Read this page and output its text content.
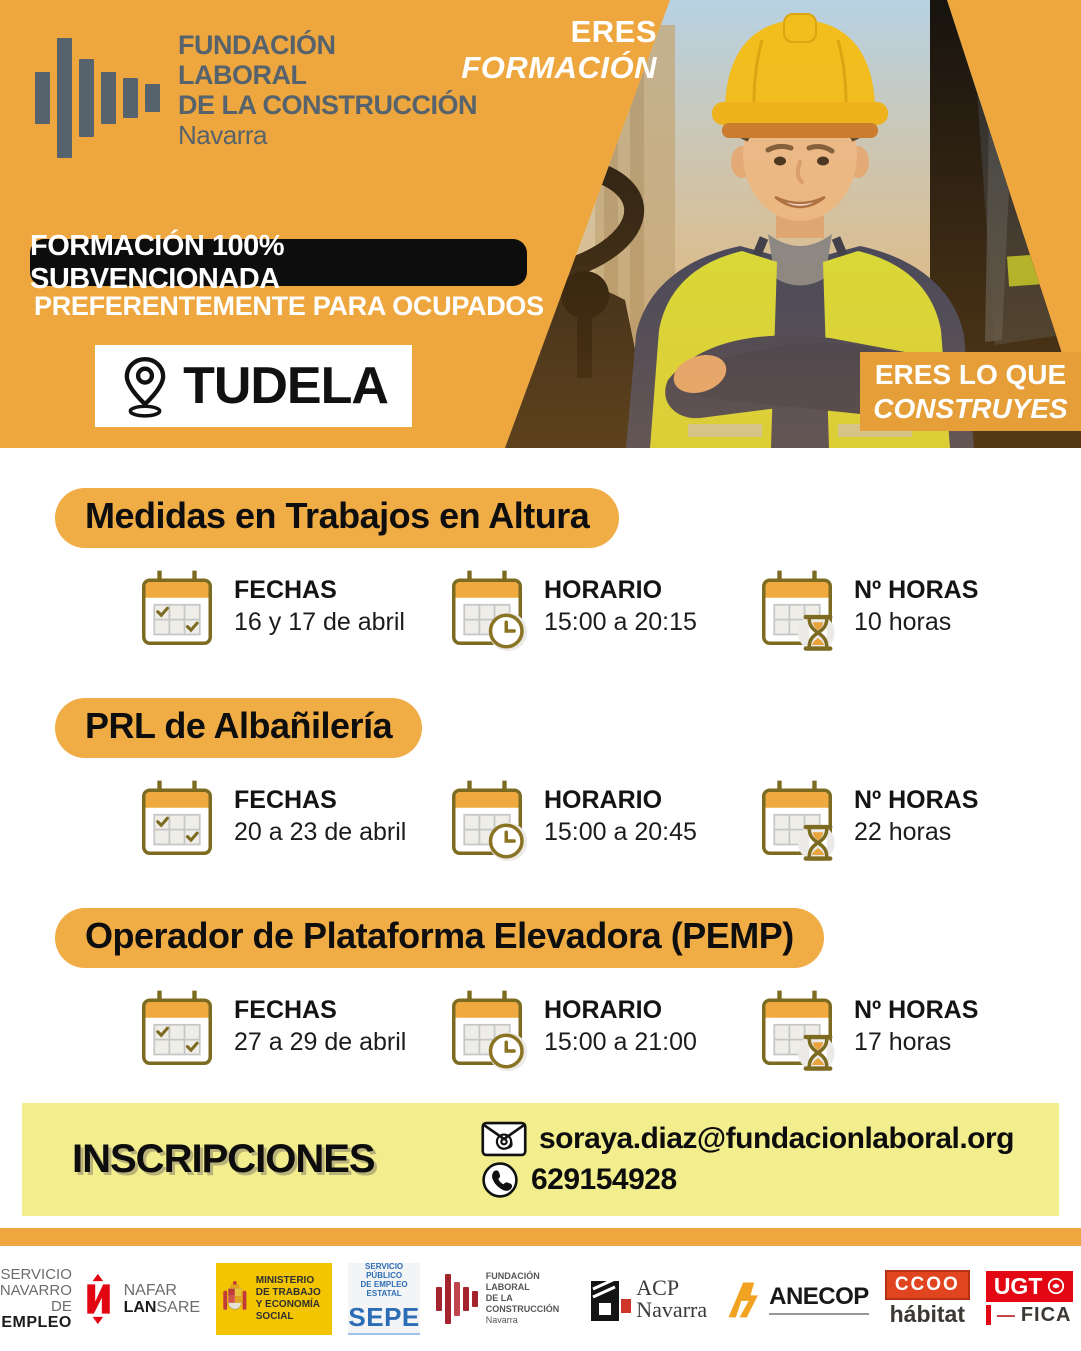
FUNDACIÓN
LABORAL
DE LA CONSTRUCCIÓN
Navarra
ERES
FORMACIÓN
FORMACIÓN 100% SUBVENCIONADA
PREFERENTEMENTE PARA OCUPADOS
TUDELA	ERES LO QUE
CONSTRUYES
Medidas en Trabajos en Altura
FECHAS
16 y 17 de abril
HORARIO
15:00 a 20:15
Nº HORAS
10 horas
PRL de Albañilería
FECHAS
20 a 23 de abril
HORARIO
15:00 a 20:45
Nº HORAS
22 horas
Operador de Plataforma Elevadora (PEMP)
FECHAS
27 a 29 de abril
HORARIO
15:00 a 21:00
Nº HORAS
17 horas
INSCRIPCIONES	soraya.diaz@fundacionlaboral.org
629154928
SERVICIO
NAVARRO DE
EMPLEO
NAFAR
LANSARE
MINISTERIO
DE TRABAJO
Y ECONOMÍA SOCIAL
SERVICIO PÚBLICO
DE EMPLEO ESTATAL
SEPE
FUNDACIÓN
LABORAL
DE LA CONSTRUCCIÓN
Navarra
ACP
Navarra	ANECOP	CCOO
hábitat
UGT
— FICA
